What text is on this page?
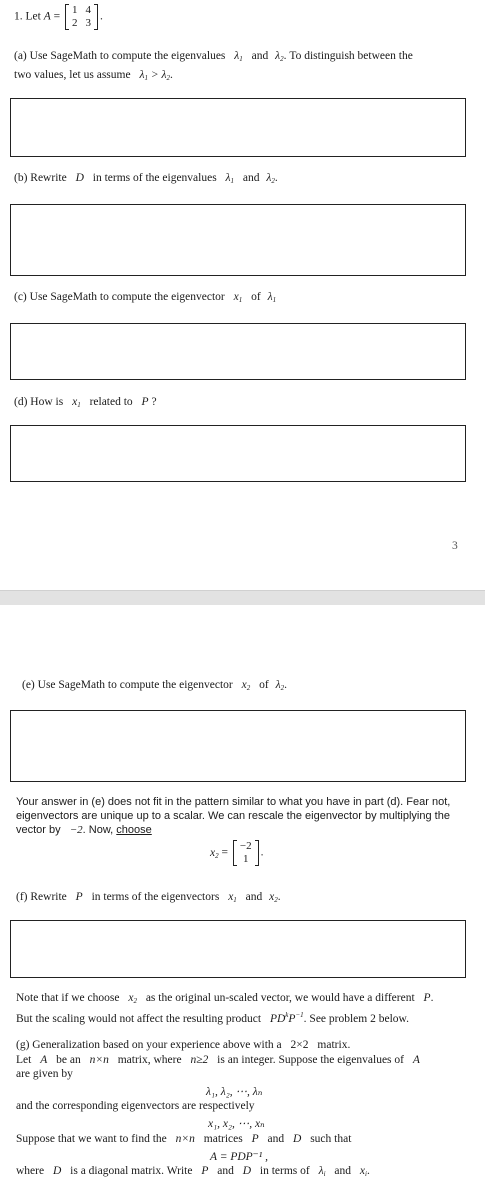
1. Let A =
1	4
2	3
.
(a) Use SageMath to compute the eigenvalues $\lambda_1$ and $\lambda_2$. To distinguish between the
two values, let us assume $\lambda_1 > \lambda_2$.
(b) Rewrite D in terms of the eigenvalues $\lambda_1$ and $\lambda_2$.
(c) Use SageMath to compute the eigenvector $x_1$ of $\lambda_1$
(d) How is $x_1$ related to P ?
3
(e) Use SageMath to compute the eigenvector $x_2$ of $\lambda_2$.
Your answer in (e) does not fit in the pattern similar to what you have in part (d). Fear not,
eigenvectors are unique up to a scalar. We can rescale the eigenvector by multiplying the
vector by −2. Now, choose
$x_2$ =
−2
1
.
(f) Rewrite P in terms of the eigenvectors $x_1$ and $x_2$.
Note that if we choose $x_2$ as the original un-scaled vector, we would have a different P.
But the scaling would not affect the resulting product $PD^kP^{-1}$. See problem 2 below.
(g) Generalization based on your experience above with a 2×2 matrix.
Let A be an n×n matrix, where n≥2 is an integer. Suppose the eigenvalues of A
are given by
λ₁, λ₂, ⋯, λₙ
and the corresponding eigenvectors are respectively
x₁, x₂, ⋯, xₙ
Suppose that we want to find the n×n matrices P and D such that
A = PDP⁻¹ ,
where D is a diagonal matrix. Write P and D in terms of $\lambda_i$ and $x_i$.
